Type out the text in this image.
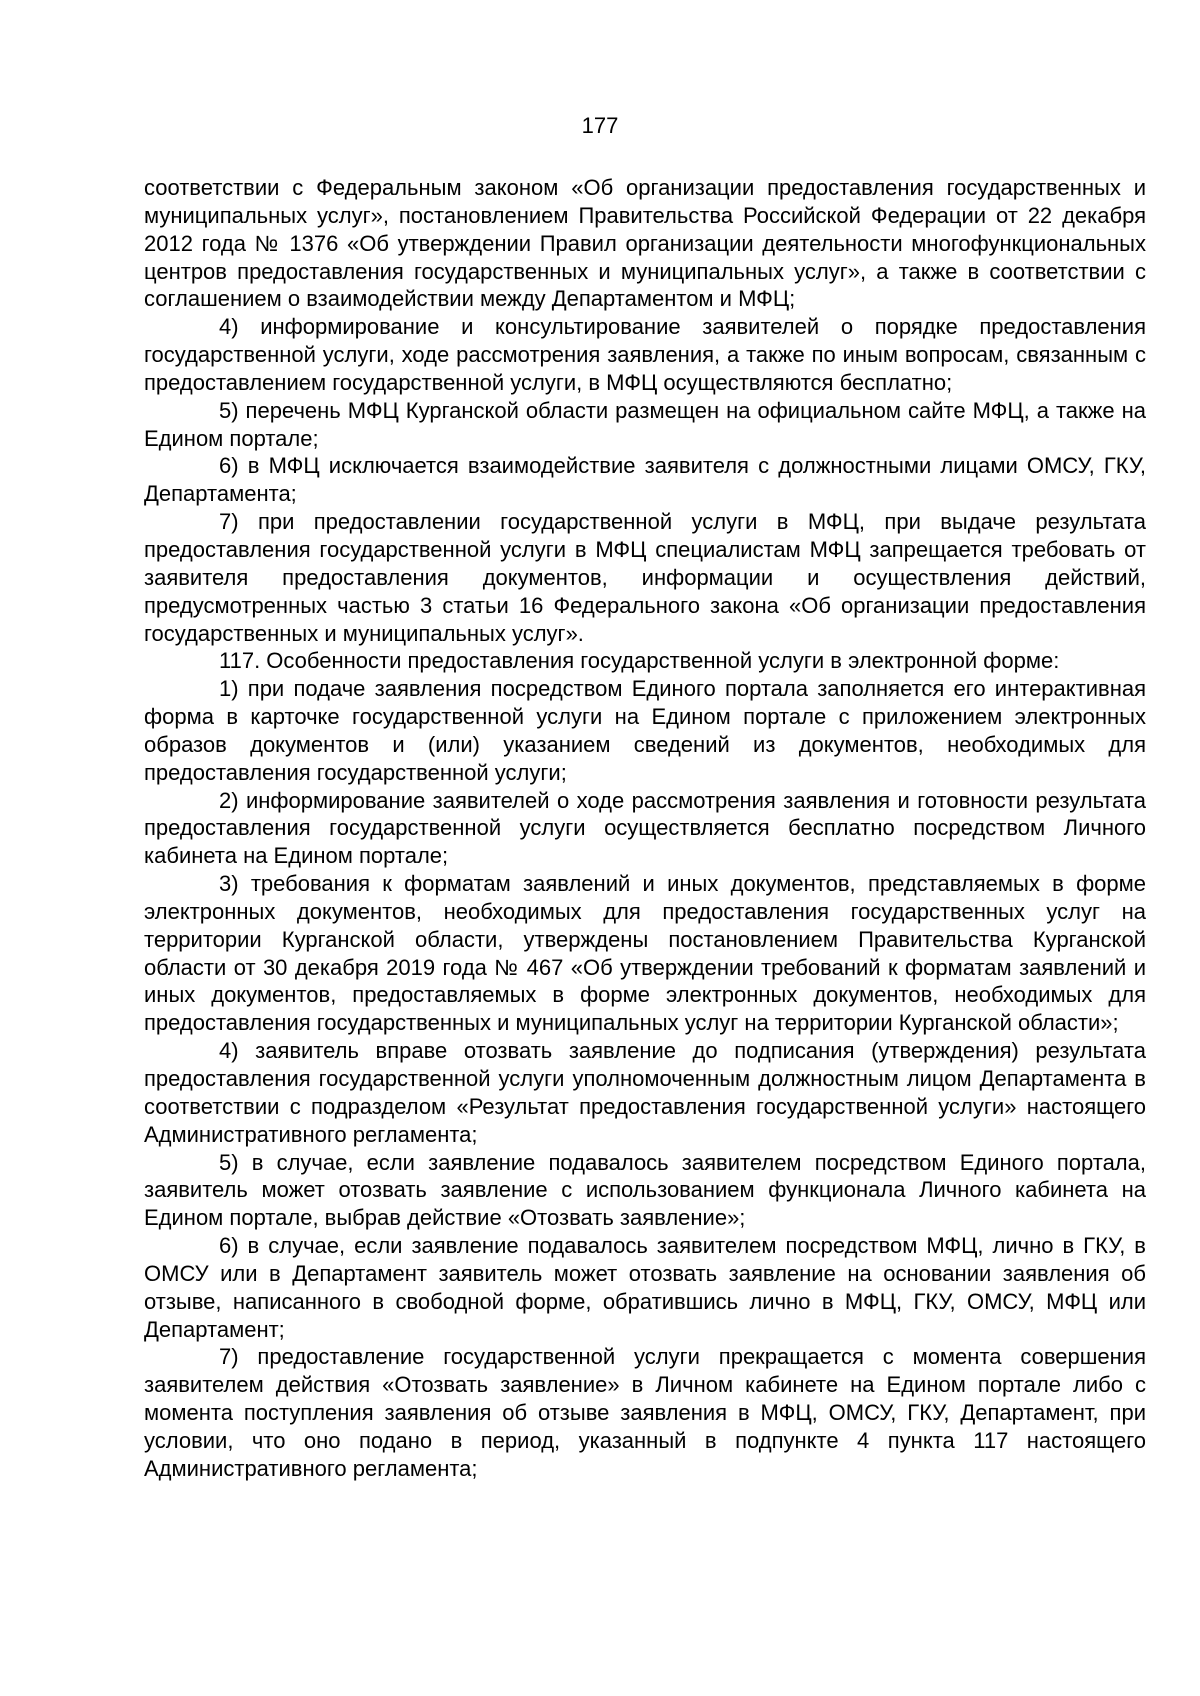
177

соответствии с Федеральным законом «Об организации предоставления государственных и муниципальных услуг», постановлением Правительства Российской Федерации от 22 декабря 2012 года № 1376 «Об утверждении Правил организации деятельности многофункциональных центров предоставления государственных и муниципальных услуг», а также в соответствии с соглашением о взаимодействии между Департаментом и МФЦ;

4) информирование и консультирование заявителей о порядке предоставления государственной услуги, ходе рассмотрения заявления, а также по иным вопросам, связанным с предоставлением государственной услуги, в МФЦ осуществляются бесплатно;

5) перечень МФЦ Курганской области размещен на официальном сайте МФЦ, а также на Едином портале;

6) в МФЦ исключается взаимодействие заявителя с должностными лицами ОМСУ, ГКУ, Департамента;

7) при предоставлении государственной услуги в МФЦ, при выдаче результата предоставления государственной услуги в МФЦ специалистам МФЦ запрещается требовать от заявителя предоставления документов, информации и осуществления действий, предусмотренных частью 3 статьи 16 Федерального закона «Об организации предоставления государственных и муниципальных услуг».

117. Особенности предоставления государственной услуги в электронной форме:

1) при подаче заявления посредством Единого портала заполняется его интерактивная форма в карточке государственной услуги на Едином портале с приложением электронных образов документов и (или) указанием сведений из документов, необходимых для предоставления государственной услуги;

2) информирование заявителей о ходе рассмотрения заявления и готовности результата предоставления государственной услуги осуществляется бесплатно посредством Личного кабинета на Едином портале;

3) требования к форматам заявлений и иных документов, представляемых в форме электронных документов, необходимых для предоставления государственных услуг на территории Курганской области, утверждены постановлением Правительства Курганской области от 30 декабря 2019 года № 467 «Об утверждении требований к форматам заявлений и иных документов, предоставляемых в форме электронных документов, необходимых для предоставления государственных и муниципальных услуг на территории Курганской области»;

4) заявитель вправе отозвать заявление до подписания (утверждения) результата предоставления государственной услуги уполномоченным должностным лицом Департамента в соответствии с подразделом «Результат предоставления государственной услуги» настоящего Административного регламента;

5) в случае, если заявление подавалось заявителем посредством Единого портала, заявитель может отозвать заявление с использованием функционала Личного кабинета на Едином портале, выбрав действие «Отозвать заявление»;

6) в случае, если заявление подавалось заявителем посредством МФЦ, лично в ГКУ, в ОМСУ или в Департамент заявитель может отозвать заявление на основании заявления об отзыве, написанного в свободной форме, обратившись лично в МФЦ, ГКУ, ОМСУ, МФЦ или Департамент;

7) предоставление государственной услуги прекращается с момента совершения заявителем действия «Отозвать заявление» в Личном кабинете на Едином портале либо с момента поступления заявления об отзыве заявления в МФЦ, ОМСУ, ГКУ, Департамент, при условии, что оно подано в период, указанный в подпункте 4 пункта 117 настоящего Административного регламента;
